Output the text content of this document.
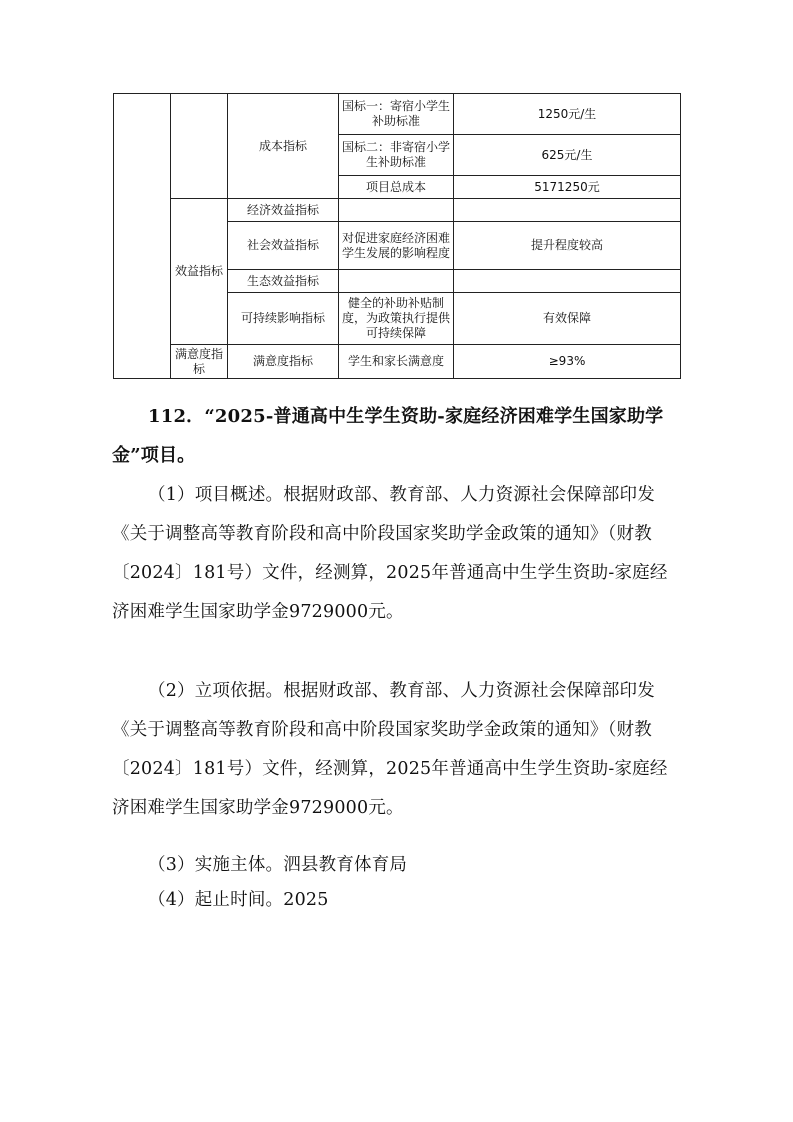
		成本指标	国标一：寄宿小学生补助标准	1250元/生
			国标二：非寄宿小学生补助标准	625元/生
			项目总成本	5171250元
	效益指标	经济效益指标		
		社会效益指标	对促进家庭经济困难学生发展的影响程度	提升程度较高
		生态效益指标		
		可持续影响指标	健全的补助补贴制度，为政策执行提供可持续保障	有效保障
	满意度指标	满意度指标	学生和家长满意度	≥93%

112．“2025-普通高中生学生资助-家庭经济困难学生国家助学金”项目。

（1）项目概述。根据财政部、教育部、人力资源社会保障部印发《关于调整高等教育阶段和高中阶段国家奖助学金政策的通知》（财教〔2024〕181号）文件，经测算，2025年普通高中生学生资助-家庭经济困难学生国家助学金9729000元。

（2）立项依据。根据财政部、教育部、人力资源社会保障部印发《关于调整高等教育阶段和高中阶段国家奖助学金政策的通知》（财教〔2024〕181号）文件，经测算，2025年普通高中生学生资助-家庭经济困难学生国家助学金9729000元。

（3）实施主体。泗县教育体育局

（4）起止时间。2025
